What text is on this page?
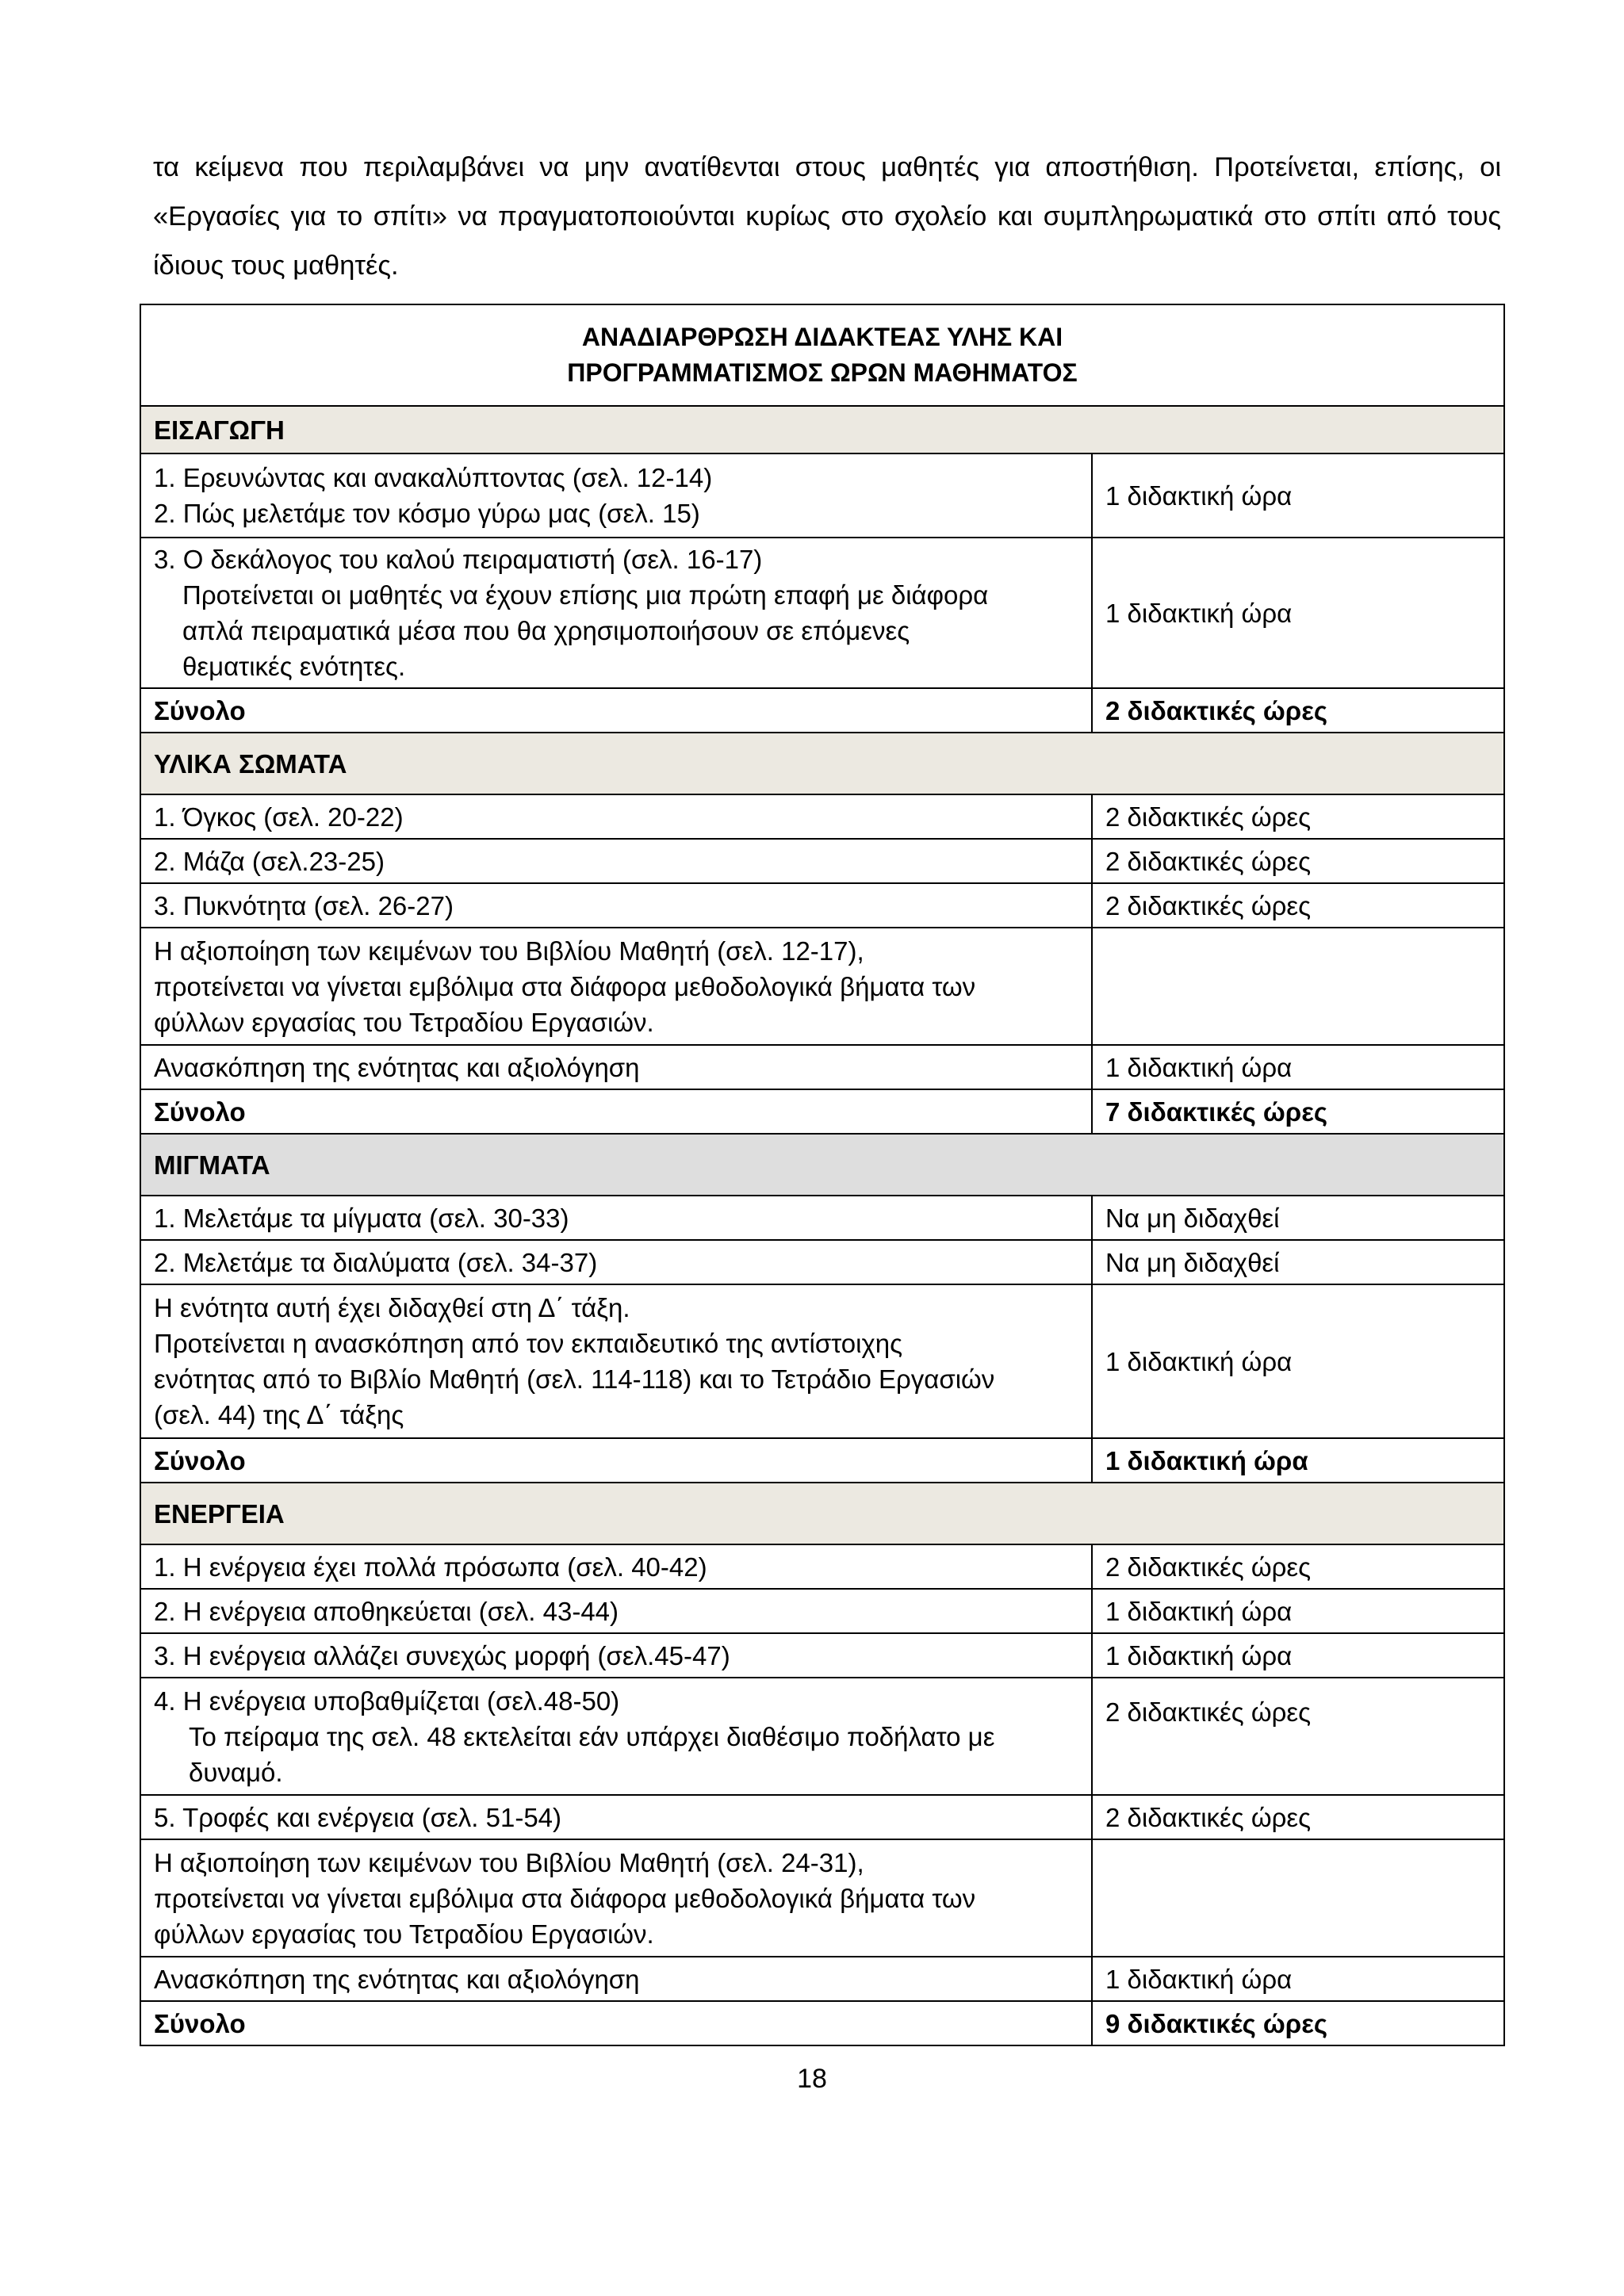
τα κείμενα που περιλαμβάνει να μην ανατίθενται στους μαθητές για αποστήθιση. Προτείνεται, επίσης, οι
«Εργασίες για το σπίτι» να πραγματοποιούνται κυρίως στο σχολείο και συμπληρωματικά στο σπίτι από τους
ίδιους τους μαθητές.
ΑΝΑΔΙΑΡΘΡΩΣΗ ΔΙΔΑΚΤΕΑΣ ΥΛΗΣ ΚΑΙ
ΠΡΟΓΡΑΜΜΑΤΙΣΜΟΣ ΩΡΩΝ ΜΑΘΗΜΑΤΟΣ	

ΕΙΣΑΓΩΓΗ	

1. Ερευνώντας και ανακαλύπτοντας (σελ. 12-14)
2. Πώς μελετάμε τον κόσμο γύρω μας (σελ. 15)	1 διδακτική ώρα

3. Ο δεκάλογος του καλού πειραματιστή (σελ. 16-17)
Προτείνεται οι μαθητές να έχουν επίσης μια πρώτη επαφή με διάφορα
απλά πειραματικά μέσα που θα χρησιμοποιήσουν σε επόμενες
θεματικές ενότητες.	1 διδακτική ώρα
Σύνολο	2 διδακτικές ώρες
ΥΛΙΚΑ ΣΩΜΑΤΑ	
1. Όγκος (σελ. 20-22)	2 διδακτικές ώρες
2. Μάζα (σελ.23-25)	2 διδακτικές ώρες
3. Πυκνότητα (σελ. 26-27)	2 διδακτικές ώρες

Η αξιοποίηση των κειμένων του Βιβλίου Μαθητή (σελ. 12-17),
προτείνεται να γίνεται εμβόλιμα στα διάφορα μεθοδολογικά βήματα των
φύλλων εργασίας του Τετραδίου Εργασιών.	

Ανασκόπηση της ενότητας και αξιολόγηση	1 διδακτική ώρα
Σύνολο	7 διδακτικές ώρες
ΜΙΓΜΑΤΑ	
1. Μελετάμε τα μίγματα (σελ. 30-33)	Να μη διδαχθεί
2. Μελετάμε τα διαλύματα (σελ. 34-37)	Να μη διδαχθεί

Η ενότητα αυτή έχει διδαχθεί στη Δ΄ τάξη.
Προτείνεται η ανασκόπηση από τον εκπαιδευτικό της αντίστοιχης
ενότητας από το Βιβλίο Μαθητή (σελ. 114-118) και το Τετράδιο Εργασιών
(σελ. 44) της Δ΄ τάξης	1 διδακτική ώρα
Σύνολο	1 διδακτική ώρα
ΕΝΕΡΓΕΙΑ	
1. Η ενέργεια έχει πολλά πρόσωπα (σελ. 40-42)	2 διδακτικές ώρες
2. Η ενέργεια αποθηκεύεται (σελ. 43-44)	1 διδακτική ώρα
3. Η ενέργεια αλλάζει συνεχώς μορφή (σελ.45-47)	1 διδακτική ώρα

4. Η ενέργεια υποβαθμίζεται (σελ.48-50)
Το πείραμα της σελ. 48 εκτελείται εάν υπάρχει διαθέσιμο ποδήλατο με
δυναμό.	2 διδακτικές ώρες
5. Τροφές και ενέργεια (σελ. 51-54)	2 διδακτικές ώρες

Η αξιοποίηση των κειμένων του Βιβλίου Μαθητή (σελ. 24-31),
προτείνεται να γίνεται εμβόλιμα στα διάφορα μεθοδολογικά βήματα των
φύλλων εργασίας του Τετραδίου Εργασιών.	

Ανασκόπηση της ενότητας και αξιολόγηση	1 διδακτική ώρα
Σύνολο	9 διδακτικές ώρες
18
